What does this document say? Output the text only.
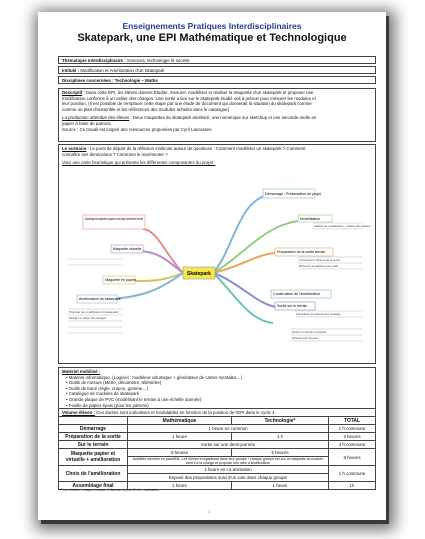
Enseignements Pratiques Interdisciplinaires
Skatepark, une EPI Mathématique et Technologique
Thématique interdisciplinaire : Sciences, technologie et société
Intitulé : Modification et Amélioration d'un Skatepark
Disciplines concernées : Technologie – Maths
Descriptif : Dans cette EPI, les élèves doivent Etudier, mesurer, modéliser et réaliser la maquette d'un skatepark et proposer une
modification conforme à un cahier des charges. Une sortie a lieu sur le skatepark étudié soit à prévoir pour mesurer les modules et
leur position. (Il est possible de remplacer cette étape par une étude de document qui donnerait la situation du skatepark comme
comme un plan d'ensemble et les références des modules achetés dans le catalogue)
La production attendue des élèves : Deux maquettes du skatepark amélioré, une numérique sur sketchup et une seconde réelle en
papier à base de patrons.
Source : Ce travail est inspiré des ressources proposées par Cyril Lascasses
Le scénario : Le point de départ de la réflexion s'articule autour de questions : Comment modéliser un skatepark ? Comment
connaître ses dimensions ? Comment le représenter ?
Voici une carte heuristique qui présente les différentes composantes du projet :
Skatepark
Démarrage : Présentation du projet
Modélisation
Préparation de la sortie terrain
Sortie sur le terrain
Construction de l'amélioration
Assemblage des maquettes en papier sur une plaque représentant le terrain
Maquette virtuelle
Maquette en papier
Amélioration du skatepark
Ateliers de modélisation : réaliser des patrons
Construire le schéma de la sortie
Découvrir le logiciel et les outils
Fabrication de patrons des modules
Dessin du terrain à l'échelle
Mesures par groupes
Proposer une modification du skatepark
Rédiger le cahier des charges
Matériel mobilisé :
• Matériel informatique, (Logiciel : modeleur volumique + générateur de cartes mentales…)
• Outils de mesure (Mètre, décamètre, télémètre)
• Outils de tracé (règle, crayon, gomme…)
• Catalogue de modules de skatepark
• Grande plaque de PVC (modélisant le terrain à une échelle donnée)
• Feuille de papier épais (pour les patrons)
Volume élèves : Ces durées sont indicatives et modulables en fonction de la position de l'EPI dans le cycle 4.
	Mathématique	Technologie*	TOTAL
Démarrage	1 heure en commun		1 h commune
Préparation de la sortie	1 heure	1 h	2 heures
Sur le terrain	Sortie sur une demi-journée		4 h commune
Maquette papier et virtuelle + amélioration	5 heures	5 heures	8 heures
	Activités menées en parallèle. Les élèves s'organisent dans leur groupe / chaque groupe est sur la maquette du module dont il a la charge et propose une idée d'amélioration		
Choix de l'amélioration	1 heure en co-animation		1 h commune
	Exposé des propositions suivi d'un vote dans chaque groupe		
Assemblage final	1 heure	1 heure	1h
* Pour réaliser chaque module il faut au moins 2h de réalisation
1
